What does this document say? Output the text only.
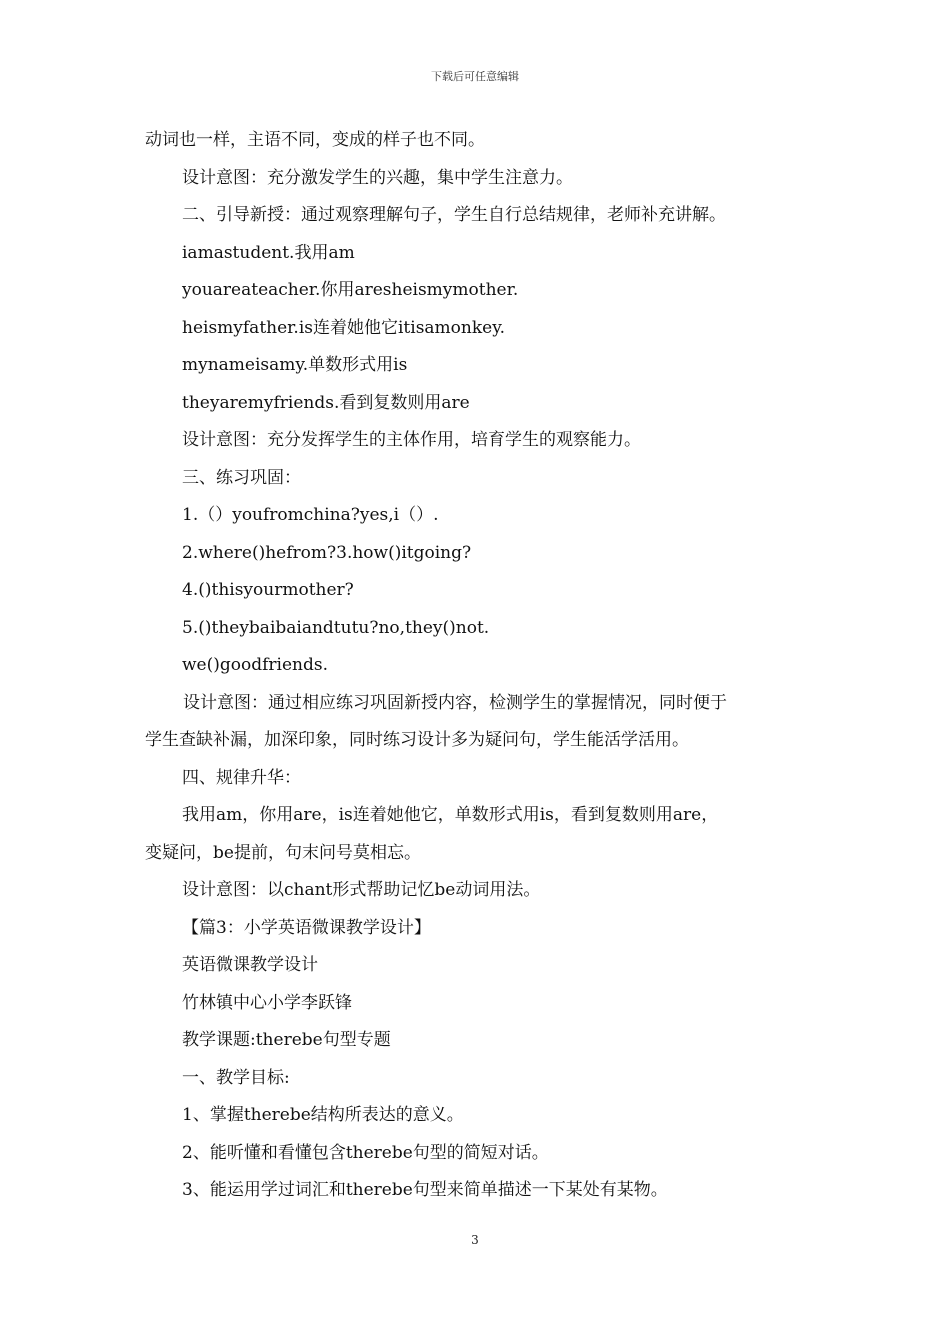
下载后可任意编辑
动词也一样，主语不同，变成的样子也不同。
设计意图：充分激发学生的兴趣，集中学生注意力。
二、引导新授：通过观察理解句子，学生自行总结规律，老师补充讲解。
iamastudent.我用am
youareateacher.你用aresheismymother.
heismyfather.is连着她他它itisamonkey.
mynameisamy.单数形式用is
theyaremyfriends.看到复数则用are
设计意图：充分发挥学生的主体作用，培育学生的观察能力。
三、练习巩固：
1.（）youfromchina?yes,i（）.
2.where()hefrom?3.how()itgoing?
4.()thisyourmother?
5.()theybaibaiandtutu?no,they()not.
we()goodfriends.
设计意图：通过相应练习巩固新授内容，检测学生的掌握情况，同时便于
学生查缺补漏，加深印象，同时练习设计多为疑问句，学生能活学活用。
四、规律升华：
我用am，你用are，is连着她他它，单数形式用is，看到复数则用are，
变疑问，be提前，句末问号莫相忘。
设计意图：以chant形式帮助记忆be动词用法。
【篇3：小学英语微课教学设计】
英语微课教学设计
竹林镇中心小学李跃锋
教学课题:therebe句型专题
一、教学目标:
1、掌握therebe结构所表达的意义。
2、能听懂和看懂包含therebe句型的简短对话。
3、能运用学过词汇和therebe句型来简单描述一下某处有某物。
3
